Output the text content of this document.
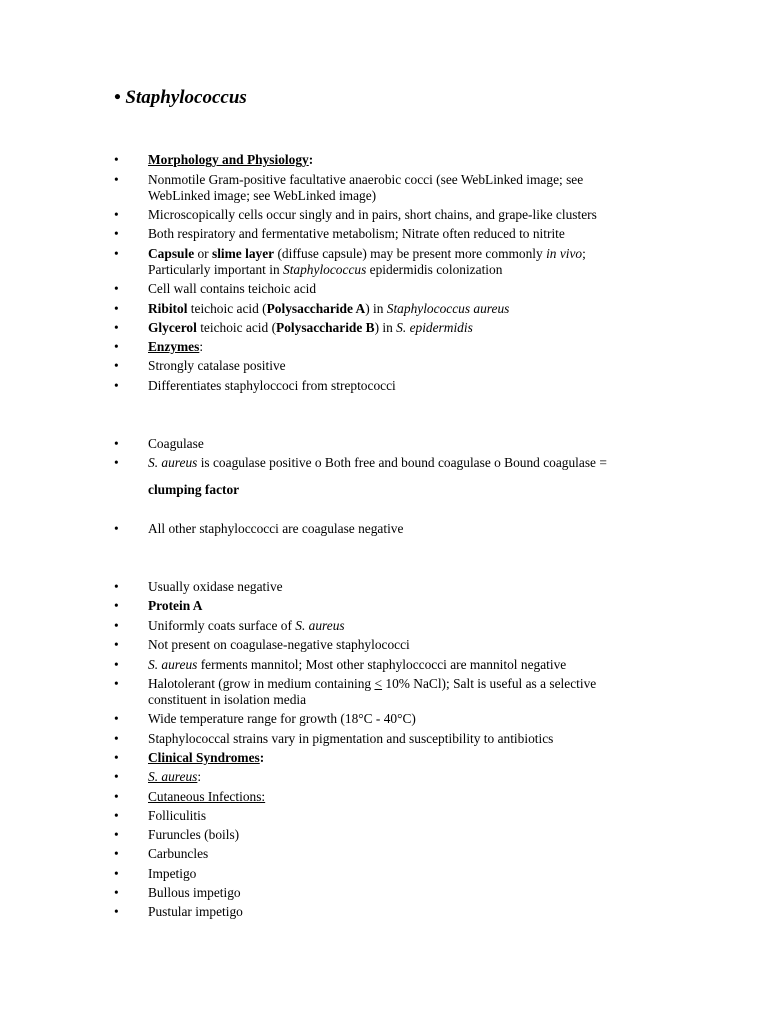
• Staphylococcus
• Morphology and Physiology:
• Nonmotile Gram-positive facultative anaerobic cocci (see WebLinked image; see WebLinked image; see WebLinked image)
• Microscopically cells occur singly and in pairs, short chains, and grape-like clusters
• Both respiratory and fermentative metabolism; Nitrate often reduced to nitrite
• Capsule or slime layer (diffuse capsule) may be present more commonly in vivo; Particularly important in Staphylococcus epidermidis colonization
• Cell wall contains teichoic acid
• Ribitol teichoic acid (Polysaccharide A) in Staphylococcus aureus
• Glycerol teichoic acid (Polysaccharide B) in S. epidermidis
• Enzymes:
• Strongly catalase positive
• Differentiates staphyloccoci from streptococci
• Coagulase
• S. aureus is coagulase positive o Both free and bound coagulase o Bound coagulase =
clumping factor
• All other staphyloccocci are coagulase negative
• Usually oxidase negative
• Protein A
• Uniformly coats surface of S. aureus
• Not present on coagulase-negative staphylococci
• S. aureus ferments mannitol; Most other staphyloccocci are mannitol negative
• Halotolerant (grow in medium containing < 10% NaCl); Salt is useful as a selective constituent in isolation media
• Wide temperature range for growth (18°C - 40°C)
• Staphylococcal strains vary in pigmentation and susceptibility to antibiotics
• Clinical Syndromes:
• S. aureus:
• Cutaneous Infections:
• Folliculitis
• Furuncles (boils)
• Carbuncles
• Impetigo
• Bullous impetigo
• Pustular impetigo
